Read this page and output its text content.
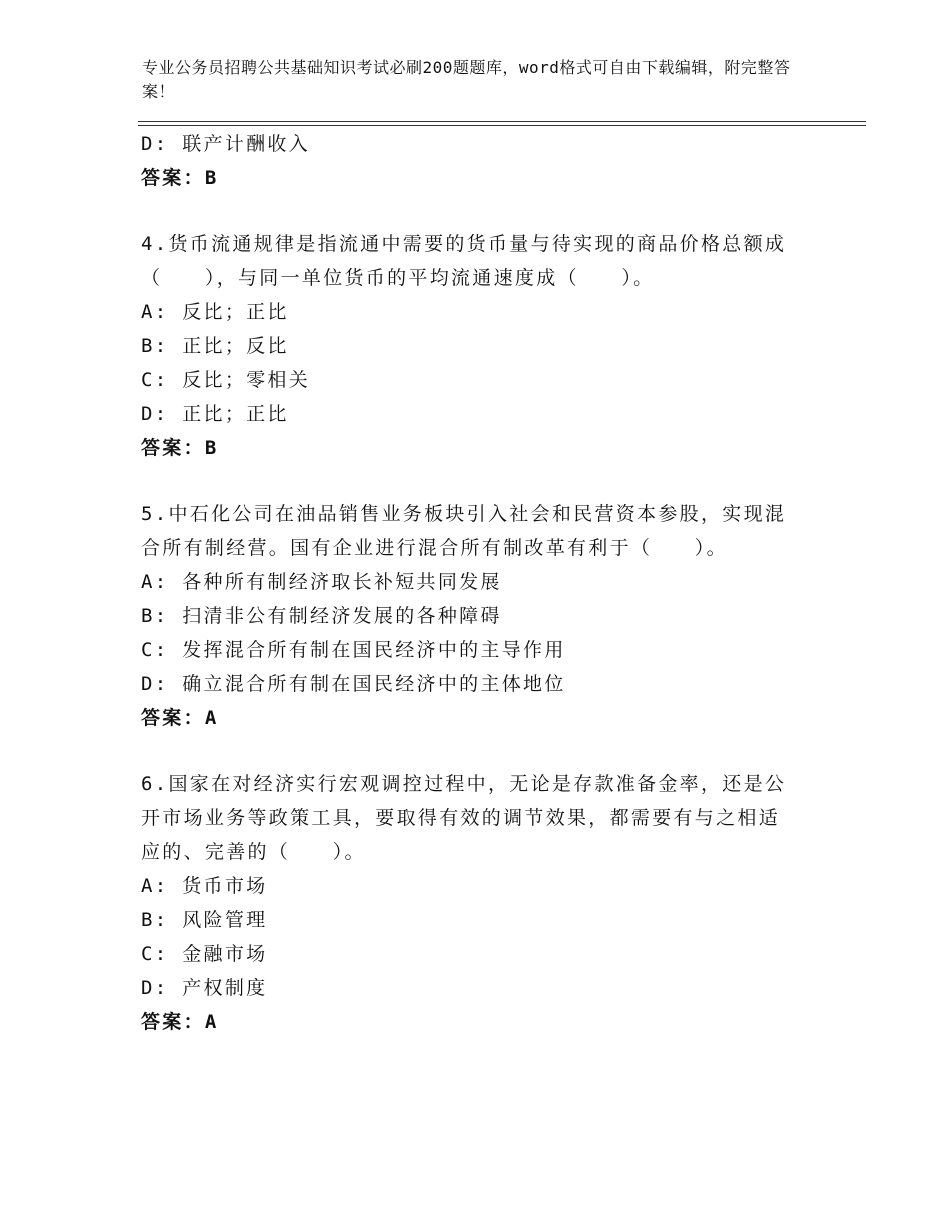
专业公务员招聘公共基础知识考试必刷200题题库，word格式可自由下载编辑，附完整答案！
D: 联产计酬收入
答案：B
4.货币流通规律是指流通中需要的货币量与待实现的商品价格总额成（　　），与同一单位货币的平均流通速度成（　　）。
A: 反比；正比
B: 正比；反比
C: 反比；零相关
D: 正比；正比
答案：B
5.中石化公司在油品销售业务板块引入社会和民营资本参股，实现混合所有制经营。国有企业进行混合所有制改革有利于（　　）。
A: 各种所有制经济取长补短共同发展
B: 扫清非公有制经济发展的各种障碍
C: 发挥混合所有制在国民经济中的主导作用
D: 确立混合所有制在国民经济中的主体地位
答案：A
6.国家在对经济实行宏观调控过程中，无论是存款准备金率，还是公开市场业务等政策工具，要取得有效的调节效果，都需要有与之相适应的、完善的（　　）。
A: 货币市场
B: 风险管理
C: 金融市场
D: 产权制度
答案：A
